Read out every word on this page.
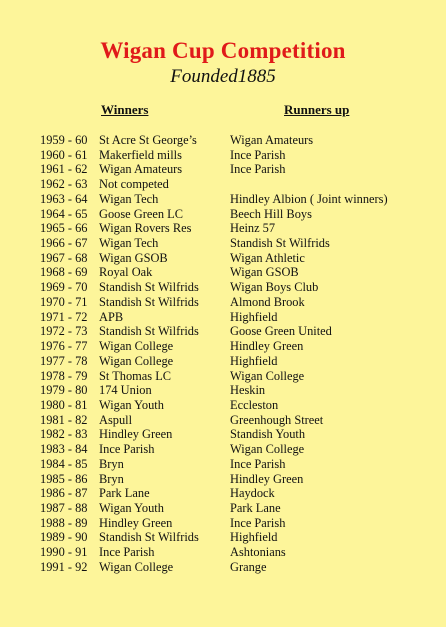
Wigan Cup Competition
Founded1885
Winners	Runners up
1959 - 60 St Acre St George’s	Wigan Amateurs
1960 - 61 Makerfield mills	Ince Parish
1961 - 62 Wigan Amateurs	Ince Parish
1962 - 63 Not competed
1963 - 64 Wigan Tech	Hindley Albion ( Joint winners)
1964 - 65 Goose Green LC	Beech Hill Boys
1965 - 66 Wigan Rovers Res	Heinz 57
1966 - 67 Wigan Tech	Standish St Wilfrids
1967 - 68 Wigan GSOB	Wigan Athletic
1968 - 69 Royal Oak	Wigan GSOB
1969 - 70 Standish St Wilfrids	Wigan Boys Club
1970 - 71 Standish St Wilfrids	Almond Brook
1971 - 72 APB	Highfield
1972 - 73 Standish St Wilfrids	Goose Green United
1976 - 77 Wigan College	Hindley Green
1977 - 78 Wigan College	Highfield
1978 - 79 St Thomas LC	Wigan College
1979 - 80 174 Union	Heskin
1980 - 81 Wigan Youth	Eccleston
1981 - 82 Aspull	Greenhough Street
1982 - 83 Hindley Green	Standish Youth
1983 - 84 Ince Parish	Wigan College
1984 - 85 Bryn	Ince Parish
1985 - 86 Bryn	Hindley Green
1986 - 87 Park Lane	Haydock
1987 - 88 Wigan Youth	Park Lane
1988 - 89 Hindley Green	Ince Parish
1989 - 90 Standish St Wilfrids	Highfield
1990 - 91 Ince Parish	Ashtonians
1991 - 92 Wigan College	Grange
